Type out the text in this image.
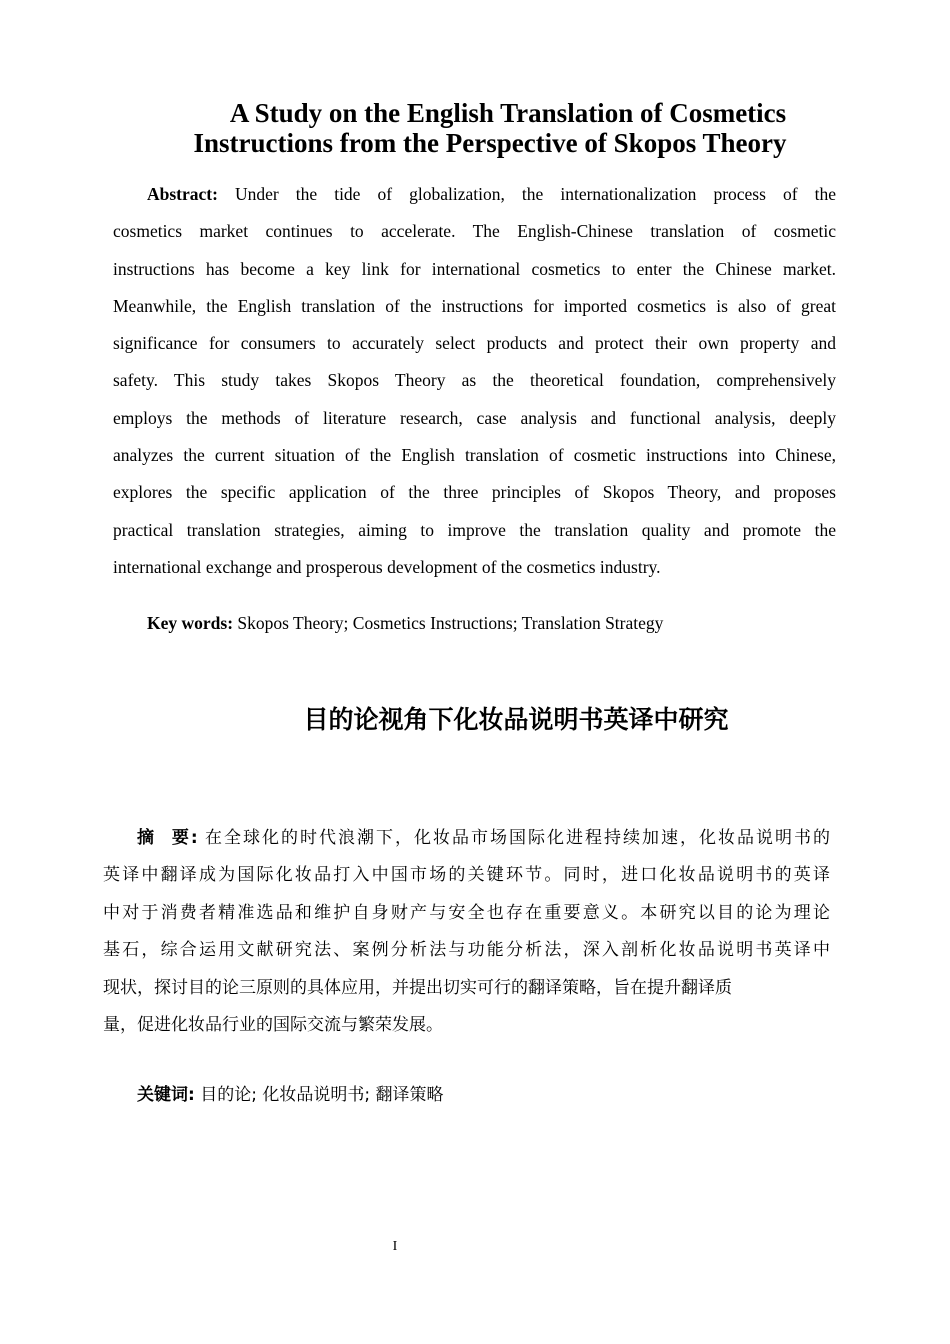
A Study on the English Translation of Cosmetics
Instructions from the Perspective of Skopos Theory
Abstract: Under the tide of globalization, the internationalization process of the
cosmetics market continues to accelerate. The English-Chinese translation of cosmetic
instructions has become a key link for international cosmetics to enter the Chinese market.
Meanwhile, the English translation of the instructions for imported cosmetics is also of great
significance for consumers to accurately select products and protect their own property and
safety. This study takes Skopos Theory as the theoretical foundation, comprehensively
employs the methods of literature research, case analysis and functional analysis, deeply
analyzes the current situation of the English translation of cosmetic instructions into Chinese,
explores the specific application of the three principles of Skopos Theory, and proposes
practical translation strategies, aiming to improve the translation quality and promote the
international exchange and prosperous development of the cosmetics industry.
Key words: Skopos Theory; Cosmetics Instructions; Translation Strategy
目的论视角下化妆品说明书英译中研究
摘  要: 在全球化的时代浪潮下，化妆品市场国际化进程持续加速，化妆品说明书的
英译中翻译成为国际化妆品打入中国市场的关键环节。同时，进口化妆品说明书的英译
中对于消费者精准选品和维护自身财产与安全也存在重要意义。本研究以目的论为理论
基石，综合运用文献研究法、案例分析法与功能分析法，深入剖析化妆品说明书英译中
现状，探讨目的论三原则的具体应用，并提出切实可行的翻译策略，旨在提升翻译质
量，促进化妆品行业的国际交流与繁荣发展。
关键词: 目的论; 化妆品说明书; 翻译策略
I
